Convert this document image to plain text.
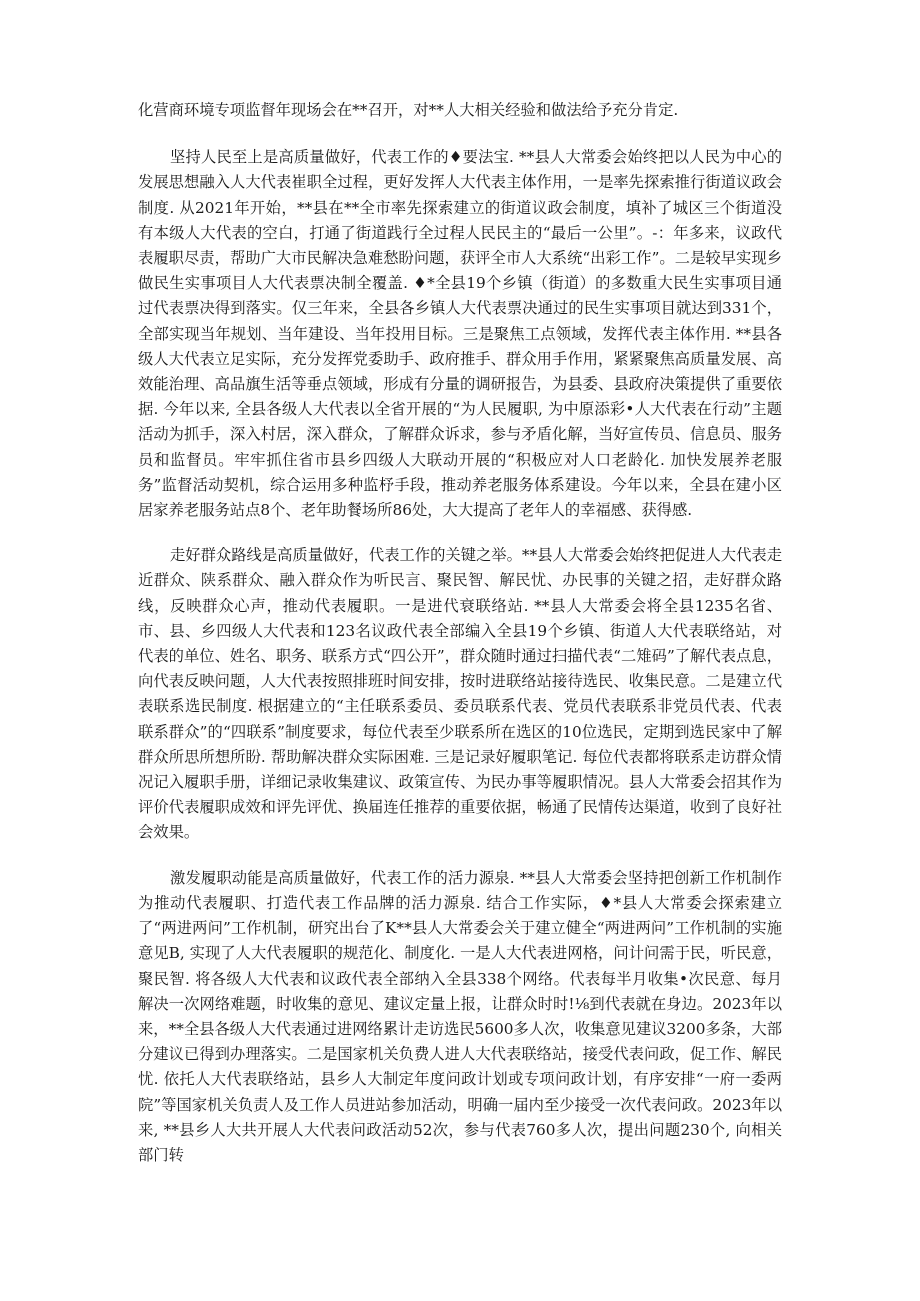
化营商环境专项监督年现场会在**召开，对**人大相关经验和做法给予充分肯定.

坚持人民至上是高质量做好，代表工作的♦要法宝. **县人大常委会始终把以人民为中心的发展思想融入人大代表崔职全过程，更好发挥人大代表主体作用，一是率先探索推行街道议政会制度. 从2021年开始，**县在**全市率先探索建立的街道议政会制度，填补了城区三个街道没有本级人大代表的空白，打通了街道践行全过程人民民主的“最后一公里”。-：年多来，议政代表履职尽责，帮助广大市民解决急难愁盼问题，获评全市人大系统“出彩工作”。二是较早实现乡做民生实事项目人大代表票决制全覆盖. ♦*全县19个乡镇（街道）的多数重大民生实事项目通过代表票决得到落实。仅三年来，全县各乡镇人大代表票决通过的民生实事项目就达到331个，全部实现当年规划、当年建设、当年投用目标。三是聚焦工点领域，发挥代表主体作用. **县各级人大代表立足实际，充分发挥党委助手、政府推手、群众用手作用，紧紧聚焦高质量发展、高效能治理、高品旗生活等垂点领域，形成有分量的调研报告，为县委、县政府决策提供了重要依据. 今年以来, 全县各级人大代表以全省开展的“为人民履职, 为中原添彩•人大代表在行动”主题活动为抓手，深入村居，深入群众，了解群众诉求，参与矛盾化解，当好宣传员、信息员、服务员和监督员。牢牢抓住省市县乡四级人大联动开展的“积极应对人口老龄化. 加快发展养老服务”监督活动契机，综合运用多种监杼手段，推动养老服务体系建设。今年以来，全县在建小区居家养老服务站点8个、老年助餐场所86处，大大提高了老年人的幸福感、获得感.

走好群众路线是高质量做好，代表工作的关键之举。**县人大常委会始终把促进人大代表走近群众、陕系群众、融入群众作为听民言、聚民智、解民忧、办民事的关键之招，走好群众路线，反映群众心声，推动代表履职。一是进代衰联络站. **县人大常委会将全县1235名省、市、县、乡四级人大代表和123名议政代表全部编入全县19个乡镇、街道人大代表联络站，对代表的单位、姓名、职务、联系方式“四公开”，群众随时通过扫描代表“二雉码”了解代表点息，向代表反映问题，人大代表按照排班时间安排，按时进联络站接待选民、收集民意。二是建立代表联系选民制度. 根据建立的“主任联系委员、委员联系代表、党员代表联系非党员代表、代表联系群众”的“四联系”制度要求，每位代表至少联系所在选区的10位选民，定期到选民家中了解群众所思所想所盼. 帮助解决群众实际困难. 三是记录好履职笔记. 每位代表都将联系走访群众情况记入履职手册，详细记录收集建议、政策宣传、为民办事等履职情况。县人大常委会招其作为评价代表履职成效和评先评优、换届连任推荐的重要依据，畅通了民情传达渠道，收到了良好社会效果。

激发履职动能是高质量做好，代表工作的活力源泉. **县人大常委会坚持把创新工作机制作为推动代表履职、打造代表工作品牌的活力源泉. 结合工作实际，♦*县人大常委会探索建立了“两进两问”工作机制，研究出台了K**县人大常委会关于建立健全“两进两问”工作机制的实施意见B, 实现了人大代表履职的规范化、制度化. 一是人大代表进网格，问计问需于民，听民意，聚民智. 将各级人大代表和议政代表全部纳入全县338个网络。代表每半月收集•次民意、每月解决一次网络难题，时收集的意见、建议定量上报，让群众时时!⅛到代表就在身边。2023年以来，**全县各级人大代表通过进网络累计走访选民5600多人次，收集意见建议3200多条，大部分建议已得到办理落实。二是国家机关负费人进人大代表联络站，接受代表问政，促工作、解民忧. 依托人大代表联络站，县乡人大制定年度问政计划或专项问政计划，有序安排“一府一委两院”等国家机关负责人及工作人员进站参加活动，明确一届内至少接受一次代表问政。2023年以来, **县乡人大共开展人大代表问政活动52次，参与代表760多人次，提出问题230个, 向相关部门转
